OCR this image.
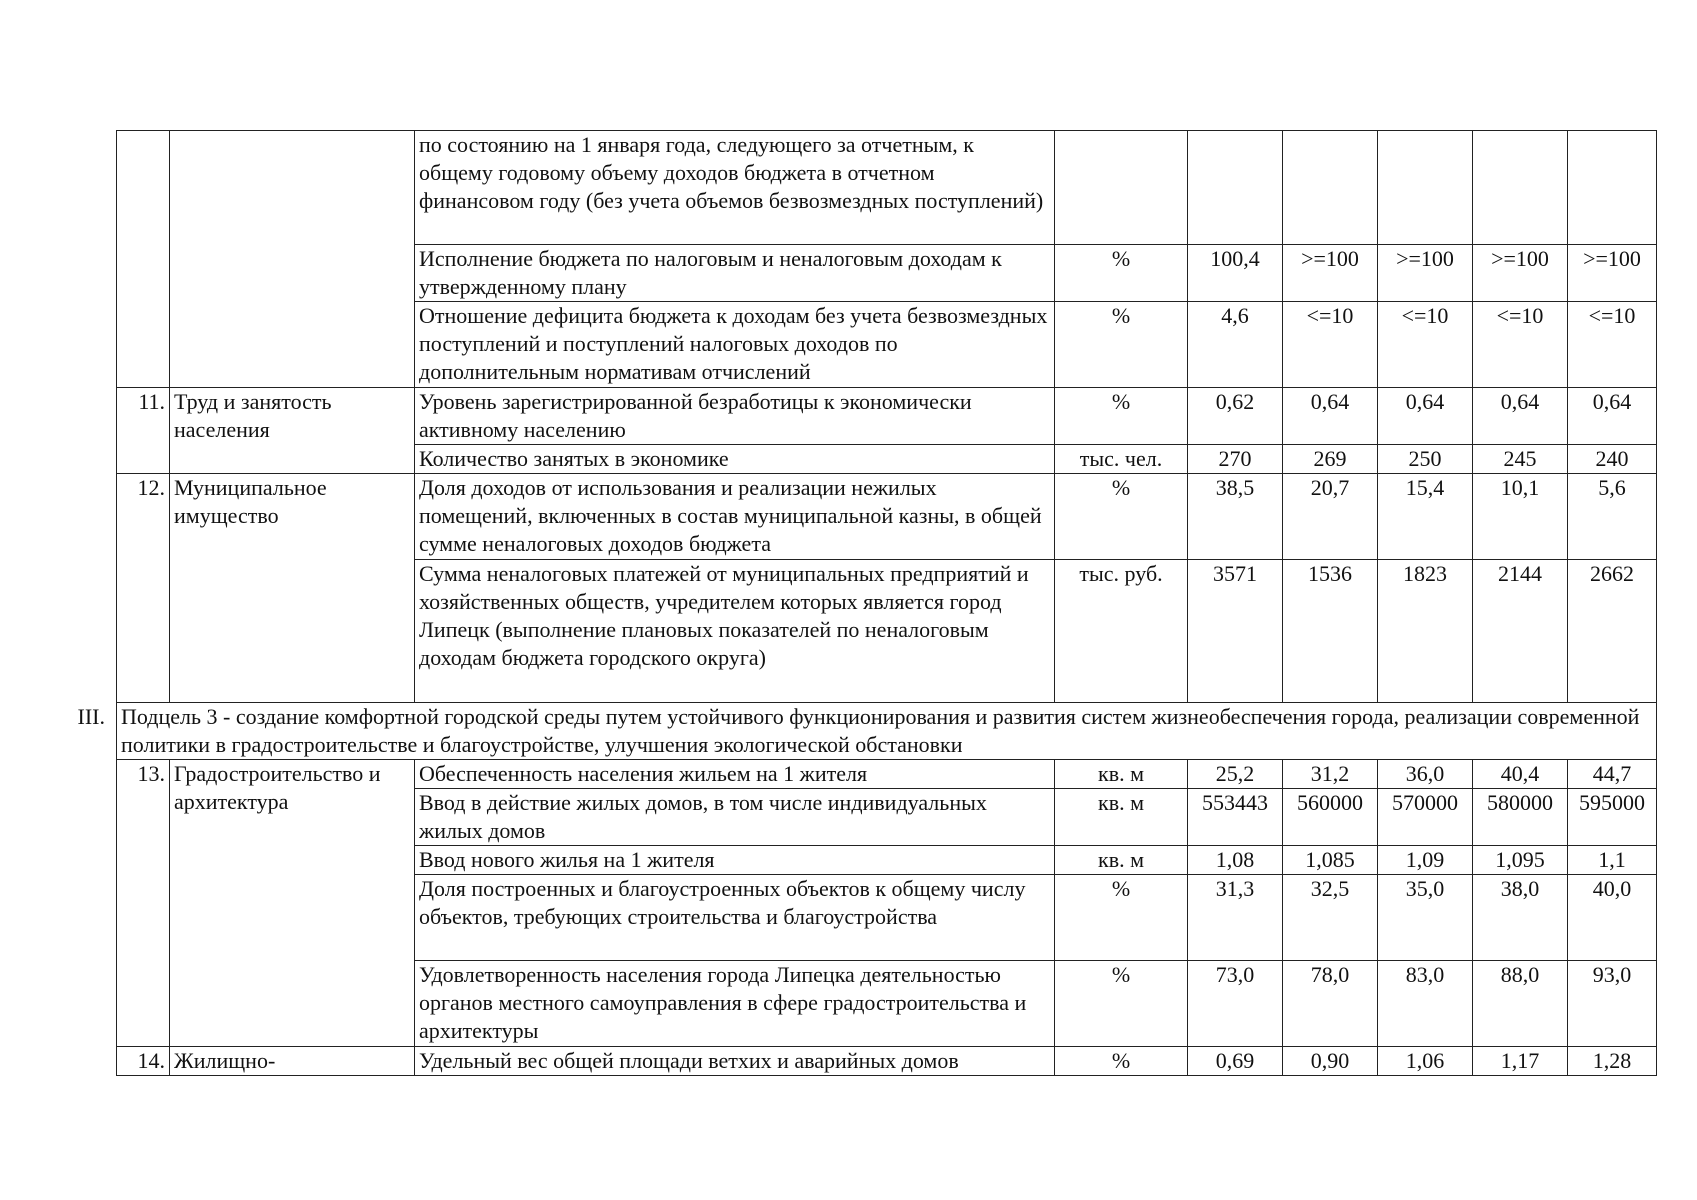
		по состоянию на 1 января года, следующего за отчетным, к общему годовому объему доходов бюджета в отчетном финансовом году (без учета объемов безвозмездных поступлений)						
		Исполнение бюджета по налоговым и неналоговым доходам к утвержденному плану	%	100,4	>=100	>=100	>=100	>=100
		Отношение дефицита бюджета к доходам без учета безвозмездных поступлений и поступлений налоговых доходов по дополнительным нормативам отчислений	%	4,6	<=10	<=10	<=10	<=10
11.	Труд и занятость населения	Уровень зарегистрированной безработицы к экономически активному населению	%	0,62	0,64	0,64	0,64	0,64
		Количество занятых в экономике	тыс. чел.	270	269	250	245	240
12.	Муниципальное имущество	Доля доходов от использования и реализации нежилых помещений, включенных в состав муниципальной казны, в общей сумме неналоговых доходов бюджета	%	38,5	20,7	15,4	10,1	5,6
		Сумма неналоговых платежей от муниципальных предприятий и хозяйственных обществ, учредителем которых является город Липецк (выполнение плановых показателей по неналоговым доходам бюджета городского округа)	тыс. руб.	3571	1536	1823	2144	2662
III. Подцель 3 - создание комфортной городской среды путем устойчивого функционирования и развития систем жизнеобеспечения города, реализации современной политики в градостроительстве и благоустройстве, улучшения экологической обстановки								
13.	Градостроительство и архитектура	Обеспеченность населения жильем на 1 жителя	кв. м	25,2	31,2	36,0	40,4	44,7
		Ввод в действие жилых домов, в том числе индивидуальных жилых домов	кв. м	553443	560000	570000	580000	595000
		Ввод нового жилья на 1 жителя	кв. м	1,08	1,085	1,09	1,095	1,1
		Доля построенных и благоустроенных объектов к общему числу объектов, требующих строительства и благоустройства	%	31,3	32,5	35,0	38,0	40,0
		Удовлетворенность населения города Липецка деятельностью органов местного самоуправления в сфере градостроительства и архитектуры	%	73,0	78,0	83,0	88,0	93,0
14.	Жилищно-	Удельный вес общей площади ветхих и аварийных домов	%	0,69	0,90	1,06	1,17	1,28
